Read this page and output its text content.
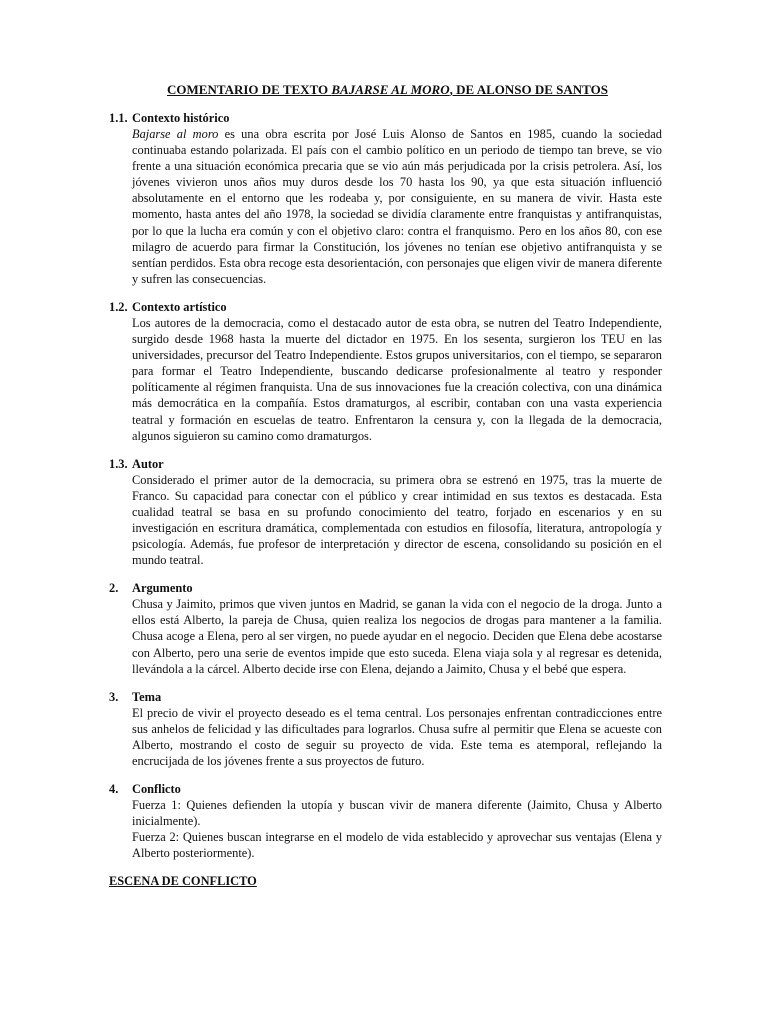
COMENTARIO DE TEXTO BAJARSE AL MORO, DE ALONSO DE SANTOS
1.1. Contexto histórico

Bajarse al moro es una obra escrita por José Luis Alonso de Santos en 1985, cuando la sociedad continuaba estando polarizada. El país con el cambio político en un periodo de tiempo tan breve, se vio frente a una situación económica precaria que se vio aún más perjudicada por la crisis petrolera. Así, los jóvenes vivieron unos años muy duros desde los 70 hasta los 90, ya que esta situación influenció absolutamente en el entorno que les rodeaba y, por consiguiente, en su manera de vivir. Hasta este momento, hasta antes del año 1978, la sociedad se dividía claramente entre franquistas y antifranquistas, por lo que la lucha era común y con el objetivo claro: contra el franquismo. Pero en los años 80, con ese milagro de acuerdo para firmar la Constitución, los jóvenes no tenían ese objetivo antifranquista y se sentían perdidos. Esta obra recoge esta desorientación, con personajes que eligen vivir de manera diferente y sufren las consecuencias.

1.2. Contexto artístico

Los autores de la democracia, como el destacado autor de esta obra, se nutren del Teatro Independiente, surgido desde 1968 hasta la muerte del dictador en 1975. En los sesenta, surgieron los TEU en las universidades, precursor del Teatro Independiente. Estos grupos universitarios, con el tiempo, se separaron para formar el Teatro Independiente, buscando dedicarse profesionalmente al teatro y responder políticamente al régimen franquista. Una de sus innovaciones fue la creación colectiva, con una dinámica más democrática en la compañía. Estos dramaturgos, al escribir, contaban con una vasta experiencia teatral y formación en escuelas de teatro. Enfrentaron la censura y, con la llegada de la democracia, algunos siguieron su camino como dramaturgos.

1.3. Autor

Considerado el primer autor de la democracia, su primera obra se estrenó en 1975, tras la muerte de Franco. Su capacidad para conectar con el público y crear intimidad en sus textos es destacada. Esta cualidad teatral se basa en su profundo conocimiento del teatro, forjado en escenarios y en su investigación en escritura dramática, complementada con estudios en filosofía, literatura, antropología y psicología. Además, fue profesor de interpretación y director de escena, consolidando su posición en el mundo teatral.

2.	Argumento

Chusa y Jaimito, primos que viven juntos en Madrid, se ganan la vida con el negocio de la droga. Junto a ellos está Alberto, la pareja de Chusa, quien realiza los negocios de drogas para mantener a la familia. Chusa acoge a Elena, pero al ser virgen, no puede ayudar en el negocio. Deciden que Elena debe acostarse con Alberto, pero una serie de eventos impide que esto suceda. Elena viaja sola y al regresar es detenida, llevándola a la cárcel. Alberto decide irse con Elena, dejando a Jaimito, Chusa y el bebé que espera.

3.	Tema

El precio de vivir el proyecto deseado es el tema central. Los personajes enfrentan contradicciones entre sus anhelos de felicidad y las dificultades para lograrlos. Chusa sufre al permitir que Elena se acueste con Alberto, mostrando el costo de seguir su proyecto de vida. Este tema es atemporal, reflejando la encrucijada de los jóvenes frente a sus proyectos de futuro.

4.	Conflicto

Fuerza 1: Quienes defienden la utopía y buscan vivir de manera diferente (Jaimito, Chusa y Alberto inicialmente).

Fuerza 2: Quienes buscan integrarse en el modelo de vida establecido y aprovechar sus ventajas (Elena y Alberto posteriormente).

ESCENA DE CONFLICTO
